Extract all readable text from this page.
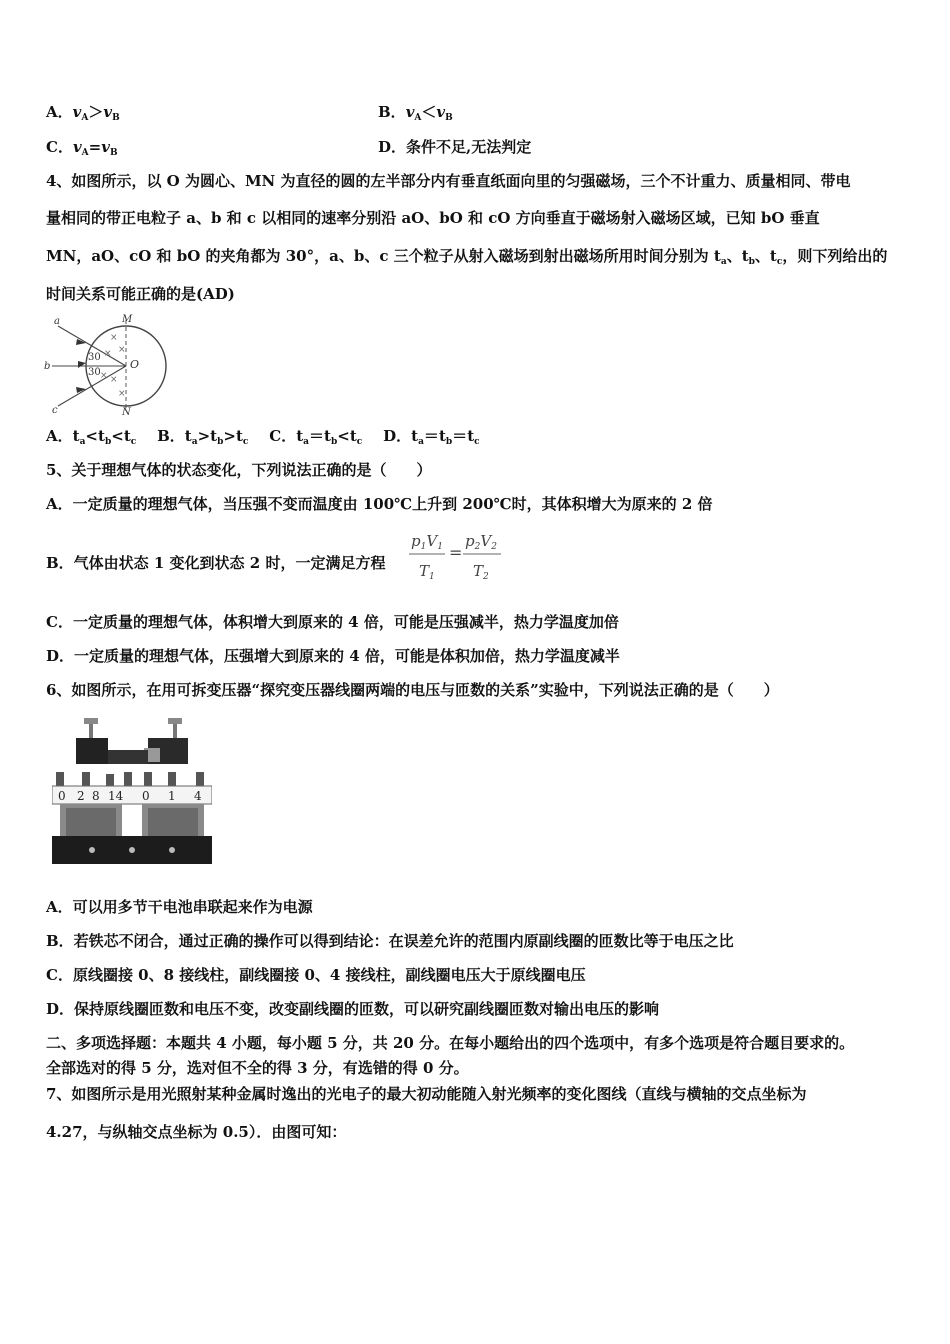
A．$v_A>v_B$	B．$v_A<v_B$
C．$v_A=v_B$	D．条件不足,无法判定
4、如图所示，以 O 为圆心、MN 为直径的圆的左半部分内有垂直纸面向里的匀强磁场，三个不计重力、质量相同、带电
量相同的带正电粒子 a、b 和 c 以相同的速率分别沿 aO、bO 和 cO 方向垂直于磁场射入磁场区域，已知 bO 垂直
MN，aO、cO 和 bO 的夹角都为 30°，a、b、c 三个粒子从射入磁场到射出磁场所用时间分别为 $t_a$、$t_b$、$t_c$，则下列给出的
时间关系可能正确的是(AD)
×
×
×
×
×
×
M
N
O
a
b
c
30
30
A．$t_a<t_b<t_c$ B．$t_a>t_b>t_c$ C．$t_a=t_b<t_c$ D．$t_a=t_b=t_c$
5、关于理想气体的状态变化，下列说法正确的是（　　）
A．一定质量的理想气体，当压强不变而温度由 100℃上升到 200℃时，其体积增大为原来的 2 倍
B．气体由状态 1 变化到状态 2 时，一定满足方程
$p_1V_1$
$T_1$
$p_2V_2$
$T_2$
=
C．一定质量的理想气体，体积增大到原来的 4 倍，可能是压强减半，热力学温度加倍
D．一定质量的理想气体，压强增大到原来的 4 倍，可能是体积加倍，热力学温度减半
6、如图所示，在用可拆变压器“探究变压器线圈两端的电压与匝数的关系”实验中，下列说法正确的是（　　）
0 2 8 14 0 1 4
A．可以用多节干电池串联起来作为电源
B．若铁芯不闭合，通过正确的操作可以得到结论：在误差允许的范围内原副线圈的匝数比等于电压之比
C．原线圈接 0、8 接线柱，副线圈接 0、4 接线柱，副线圈电压大于原线圈电压
D．保持原线圈匝数和电压不变，改变副线圈的匝数，可以研究副线圈匝数对输出电压的影响
二、多项选择题：本题共 4 小题，每小题 5 分，共 20 分。在每小题给出的四个选项中，有多个选项是符合题目要求的。
全部选对的得 5 分，选对但不全的得 3 分，有选错的得 0 分。
7、如图所示是用光照射某种金属时逸出的光电子的最大初动能随入射光频率的变化图线（直线与横轴的交点坐标为
4.27，与纵轴交点坐标为 0.5）．由图可知：
